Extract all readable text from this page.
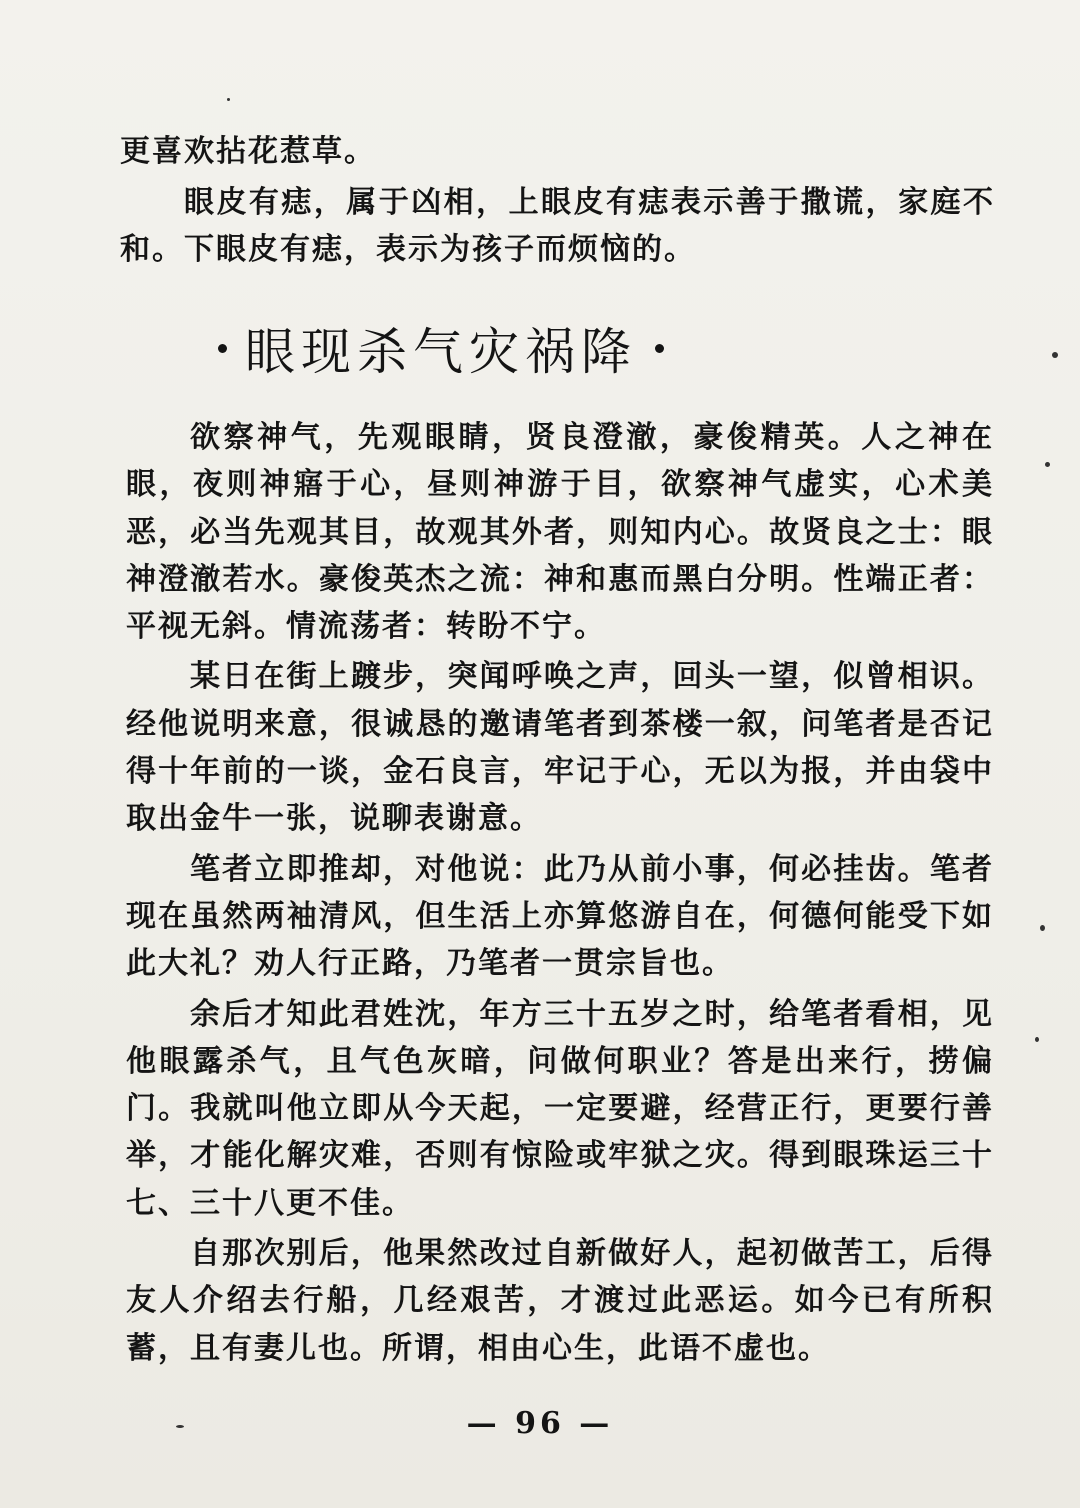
更喜欢拈花惹草。

眼皮有痣，属于凶相，上眼皮有痣表示善于撒谎，家庭不和。下眼皮有痣，表示为孩子而烦恼的。

眼现杀气灾祸降

欲察神气，先观眼睛，贤良澄澈，豪俊精英。人之神在眼，夜则神寤于心，昼则神游于目，欲察神气虚实，心术美恶，必当先观其目，故观其外者，则知内心。故贤良之士：眼神澄澈若水。豪俊英杰之流：神和惠而黑白分明。性端正者：平视无斜。情流荡者：转盼不宁。

某日在街上踱步，突闻呼唤之声，回头一望，似曾相识。经他说明来意，很诚恳的邀请笔者到茶楼一叙，问笔者是否记得十年前的一谈，金石良言，牢记于心，无以为报，并由袋中取出金牛一张，说聊表谢意。

笔者立即推却，对他说：此乃从前小事，何必挂齿。笔者现在虽然两袖清风，但生活上亦算悠游自在，何德何能受下如此大礼？劝人行正路，乃笔者一贯宗旨也。

余后才知此君姓沈，年方三十五岁之时，给笔者看相，见他眼露杀气，且气色灰暗，问做何职业？答是出来行，捞偏门。我就叫他立即从今天起，一定要避，经营正行，更要行善举，才能化解灾难，否则有惊险或牢狱之灾。得到眼珠运三十七、三十八更不佳。

自那次别后，他果然改过自新做好人，起初做苦工，后得友人介绍去行船，几经艰苦，才渡过此恶运。如今已有所积蓄，且有妻儿也。所谓，相由心生，此语不虚也。

— 96 —
